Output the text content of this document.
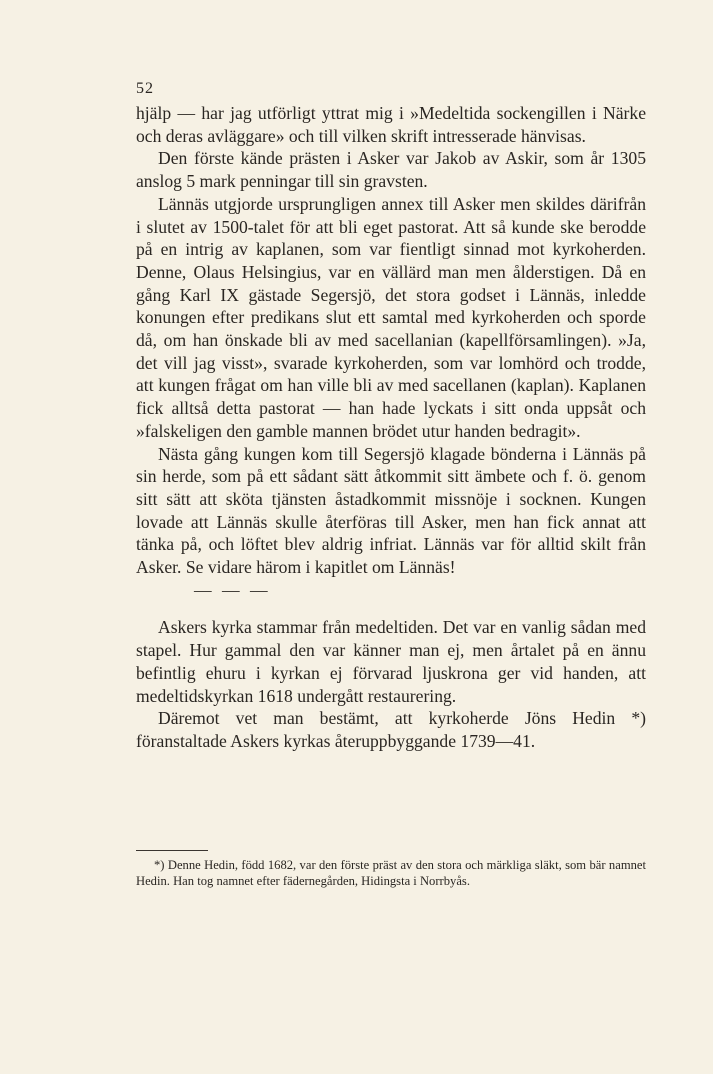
52

hjälp — har jag utförligt yttrat mig i »Medeltida sockengillen i Närke och deras avläggare» och till vilken skrift intresserade hänvisas.

Den förste kände prästen i Asker var Jakob av Askir, som år 1305 anslog 5 mark penningar till sin gravsten.

Lännäs utgjorde ursprungligen annex till Asker men skildes därifrån i slutet av 1500-talet för att bli eget pastorat. Att så kunde ske berodde på en intrig av kaplanen, som var fientligt sinnad mot kyrkoherden. Denne, Olaus Helsingius, var en vällärd man men ålderstigen. Då en gång Karl IX gästade Segersjö, det stora godset i Lännäs, inledde konungen efter predikans slut ett samtal med kyrkoherden och sporde då, om han önskade bli av med sacellanian (kapellförsamlingen). »Ja, det vill jag visst», svarade kyrkoherden, som var lomhörd och trodde, att kungen frågat om han ville bli av med sacellanen (kaplan). Kaplanen fick alltså detta pastorat — han hade lyckats i sitt onda uppsåt och »falskeligen den gamble mannen brödet utur handen bedragit».

Nästa gång kungen kom till Segersjö klagade bönderna i Lännäs på sin herde, som på ett sådant sätt åtkommit sitt ämbete och f. ö. genom sitt sätt att sköta tjänsten åstadkommit missnöje i socknen. Kungen lovade att Lännäs skulle återföras till Asker, men han fick annat att tänka på, och löftet blev aldrig infriat. Lännäs var för alltid skilt från Asker. Se vidare härom i kapitlet om Lännäs!

— — —

Askers kyrka stammar från medeltiden. Det var en vanlig sådan med stapel. Hur gammal den var känner man ej, men årtalet på en ännu befintlig ehuru i kyrkan ej förvarad ljuskrona ger vid handen, att medeltidskyrkan 1618 undergått restaurering.

Däremot vet man bestämt, att kyrkoherde Jöns Hedin *) föranstaltade Askers kyrkas återuppbyggande 1739—41.

*) Denne Hedin, född 1682, var den förste präst av den stora och märkliga släkt, som bär namnet Hedin. Han tog namnet efter fädernegården, Hidingsta i Norrbyås.
